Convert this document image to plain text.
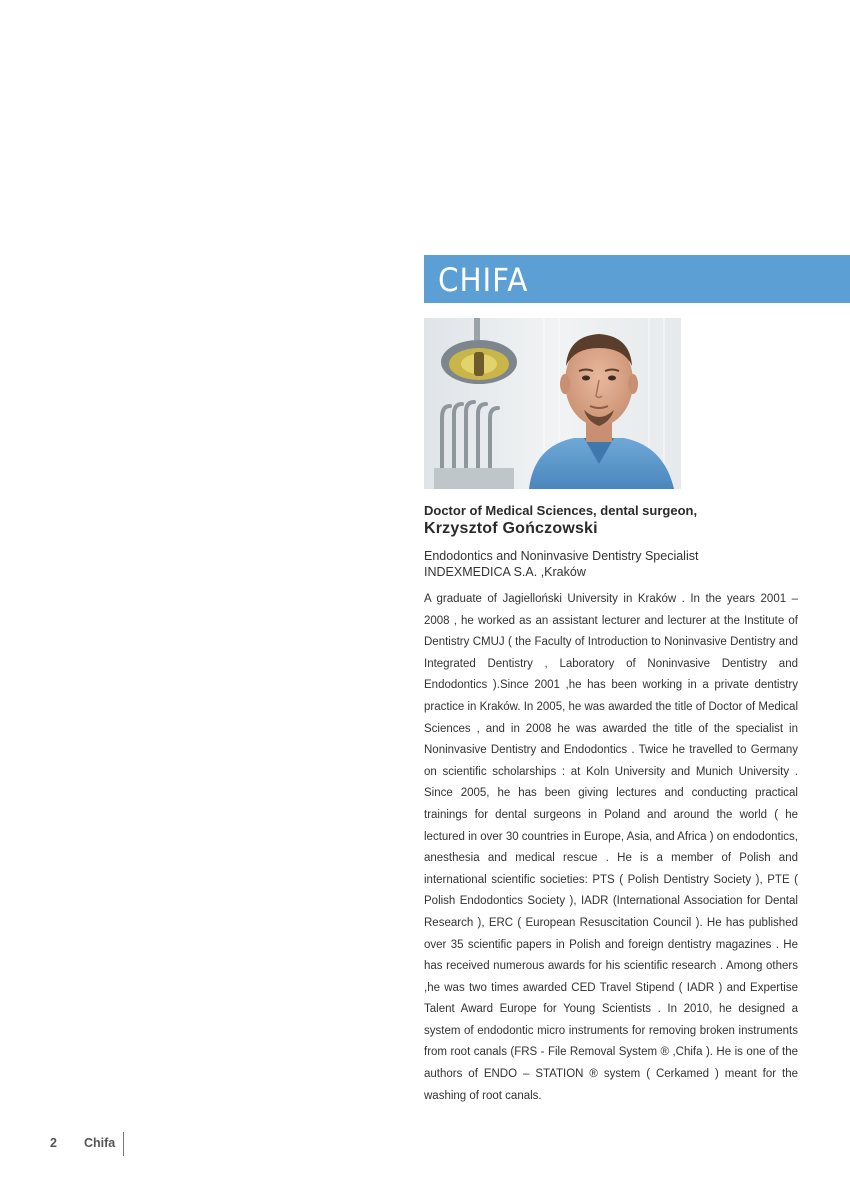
CHIFA
Doctor of Medical Sciences, dental surgeon,
Krzysztof Gończowski
Endodontics and Noninvasive Dentistry Specialist
INDEXMEDICA S.A. ,Kraków

A graduate of Jagielloński University in Kraków . In the years 2001 – 2008 , he worked as an assistant lecturer and lecturer at the Institute of Dentistry CMUJ ( the Faculty of Introduction to Noninvasive Dentistry and Integrated Dentistry , Laboratory of Noninvasive Dentistry and Endodontics ).Since 2001 ,he has been working in a private dentistry practice in Kraków. In 2005, he was awarded the title of Doctor of Medical Sciences , and in 2008 he was awarded the title of the specialist in Noninvasive Dentistry and Endodontics . Twice he travelled to Germany on scientific scholarships : at Koln University and Munich University . Since 2005, he has been giving lectures and conducting practical trainings for dental surgeons in Poland and around the world ( he lectured in over 30 countries in Europe, Asia, and Africa ) on endodontics, anesthesia and medical rescue . He is a member of Polish and international scientific societies: PTS ( Polish Dentistry Society ), PTE ( Polish Endodontics Society ), IADR (International Association for Dental Research ), ERC ( European Resuscitation Council ). He has published over 35 scientific papers in Polish and foreign dentistry magazines . He has received numerous awards for his scientific research . Among others ,he was two times awarded CED Travel Stipend ( IADR ) and Expertise Talent Award Europe for Young Scientists . In 2010, he designed a system of endodontic micro instruments for removing broken instruments from root canals (FRS - File Removal System ® ,Chifa ). He is one of the authors of ENDO – STATION ® system ( Cerkamed ) meant for the washing of root canals.

2 Chifa
